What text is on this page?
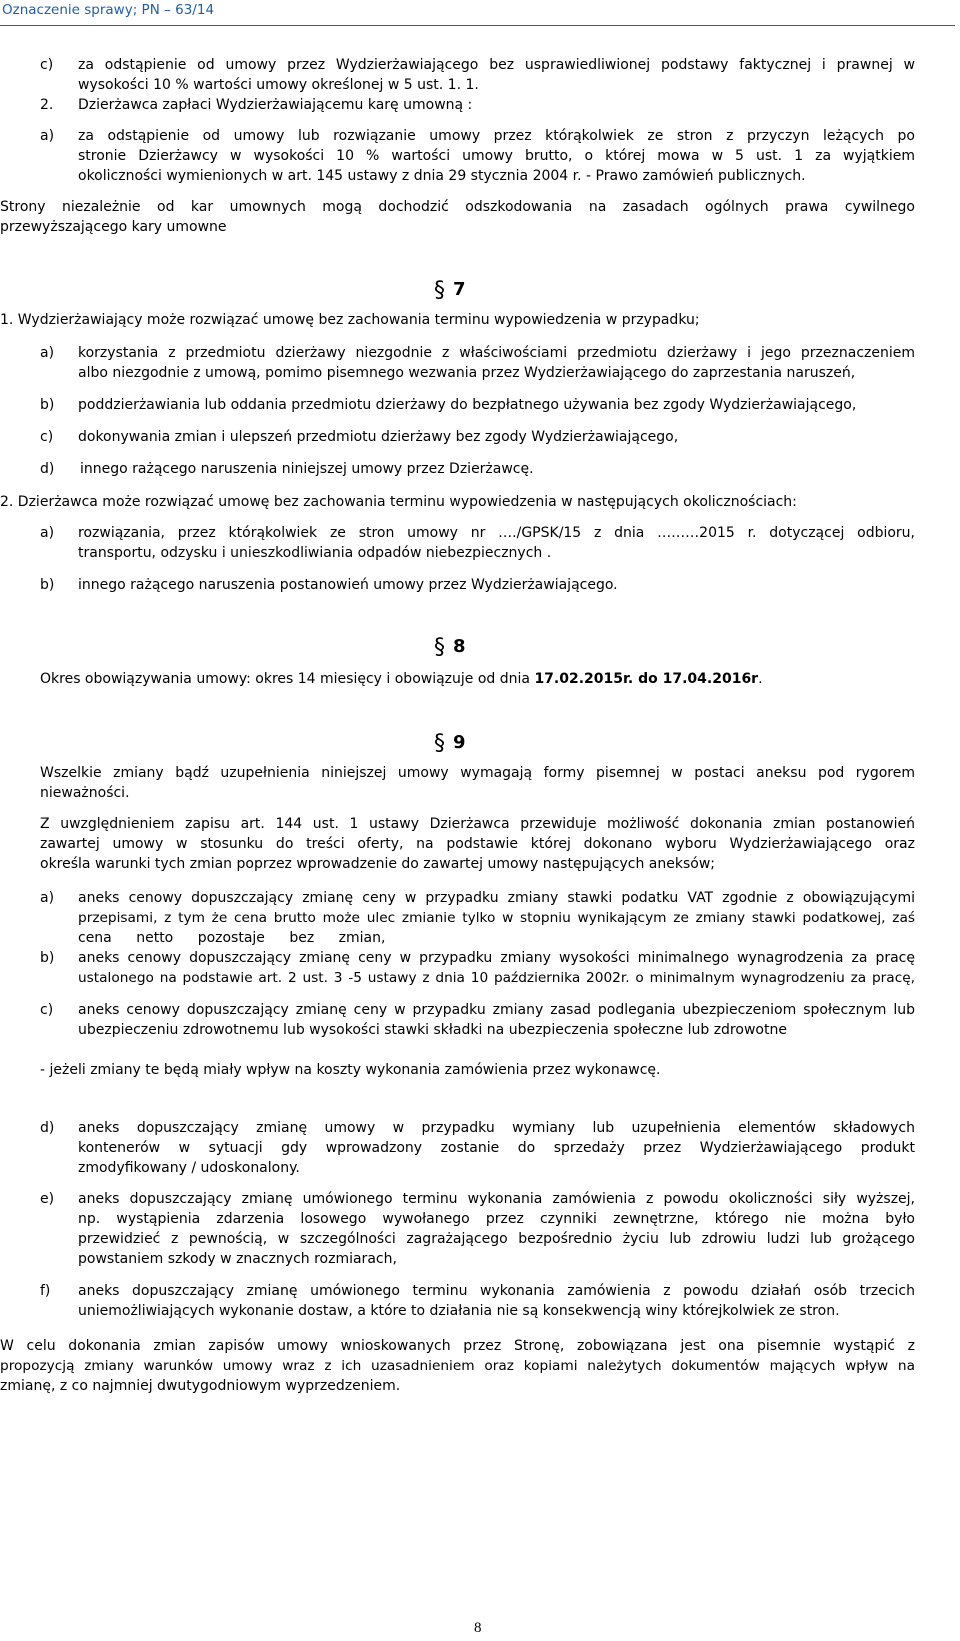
Oznaczenie sprawy; PN – 63/14
c) za odstąpienie od umowy przez Wydzierżawiającego bez usprawiedliwionej podstawy faktycznej i prawnej w
wysokości 10 % wartości umowy określonej w 5 ust. 1. 1.
2. Dzierżawca zapłaci Wydzierżawiającemu karę umowną :
a) za odstąpienie od umowy lub rozwiązanie umowy przez którąkolwiek ze stron z przyczyn leżących po
stronie Dzierżawcy w wysokości 10 % wartości umowy brutto, o której mowa w 5 ust. 1 za wyjątkiem
okoliczności wymienionych w art. 145 ustawy z dnia 29 stycznia 2004 r. - Prawo zamówień publicznych.
Strony niezależnie od kar umownych mogą dochodzić odszkodowania na zasadach ogólnych prawa cywilnego
przewyższającego kary umowne
§ 7
1. Wydzierżawiający może rozwiązać umowę bez zachowania terminu wypowiedzenia w przypadku;
a) korzystania z przedmiotu dzierżawy niezgodnie z właściwościami przedmiotu dzierżawy i jego przeznaczeniem
albo niezgodnie z umową, pomimo pisemnego wezwania przez Wydzierżawiającego do zaprzestania naruszeń,
b) poddzierżawiania lub oddania przedmiotu dzierżawy do bezpłatnego używania bez zgody Wydzierżawiającego,
c) dokonywania zmian i ulepszeń przedmiotu dzierżawy bez zgody Wydzierżawiającego,
d) innego rażącego naruszenia niniejszej umowy przez Dzierżawcę.
2. Dzierżawca może rozwiązać umowę bez zachowania terminu wypowiedzenia w następujących okolicznościach:
a) rozwiązania, przez którąkolwiek ze stron umowy nr …./GPSK/15 z dnia ………2015 r. dotyczącej odbioru,
transportu, odzysku i unieszkodliwiania odpadów niebezpiecznych .
b) innego rażącego naruszenia postanowień umowy przez Wydzierżawiającego.
§ 8
Okres obowiązywania umowy: okres 14 miesięcy i obowiązuje od dnia 17.02.2015r. do 17.04.2016r.
§ 9
Wszelkie zmiany bądź uzupełnienia niniejszej umowy wymagają formy pisemnej w postaci aneksu pod rygorem
nieważności.
Z uwzględnieniem zapisu art. 144 ust. 1 ustawy Dzierżawca przewiduje możliwość dokonania zmian postanowień
zawartej umowy w stosunku do treści oferty, na podstawie której dokonano wyboru Wydzierżawiającego oraz
określa warunki tych zmian poprzez wprowadzenie do zawartej umowy następujących aneksów;
a) aneks cenowy dopuszczający zmianę ceny w przypadku zmiany stawki podatku VAT zgodnie z obowiązującymi
przepisami, z tym że cena brutto może ulec zmianie tylko w stopniu wynikającym ze zmiany stawki podatkowej, zaś
cena netto pozostaje bez zmian,
b) aneks cenowy dopuszczający zmianę ceny w przypadku zmiany wysokości minimalnego wynagrodzenia za pracę
ustalonego na podstawie art. 2 ust. 3 -5 ustawy z dnia 10 października 2002r. o minimalnym wynagrodzeniu za pracę,
c) aneks cenowy dopuszczający zmianę ceny w przypadku zmiany zasad podlegania ubezpieczeniom społecznym lub
ubezpieczeniu zdrowotnemu lub wysokości stawki składki na ubezpieczenia społeczne lub zdrowotne
- jeżeli zmiany te będą miały wpływ na koszty wykonania zamówienia przez wykonawcę.
d) aneks dopuszczający zmianę umowy w przypadku wymiany lub uzupełnienia elementów składowych
kontenerów w sytuacji gdy wprowadzony zostanie do sprzedaży przez Wydzierżawiającego produkt
zmodyfikowany / udoskonalony.
e) aneks dopuszczający zmianę umówionego terminu wykonania zamówienia z powodu okoliczności siły wyższej,
np. wystąpienia zdarzenia losowego wywołanego przez czynniki zewnętrzne, którego nie można było
przewidzieć z pewnością, w szczególności zagrażającego bezpośrednio życiu lub zdrowiu ludzi lub grożącego
powstaniem szkody w znacznych rozmiarach,
f) aneks dopuszczający zmianę umówionego terminu wykonania zamówienia z powodu działań osób trzecich
uniemożliwiających wykonanie dostaw, a które to działania nie są konsekwencją winy którejkolwiek ze stron.
W celu dokonania zmian zapisów umowy wnioskowanych przez Stronę, zobowiązana jest ona pisemnie wystąpić z
propozycją zmiany warunków umowy wraz z ich uzasadnieniem oraz kopiami należytych dokumentów mających wpływ na
zmianę, z co najmniej dwutygodniowym wyprzedzeniem.
8
